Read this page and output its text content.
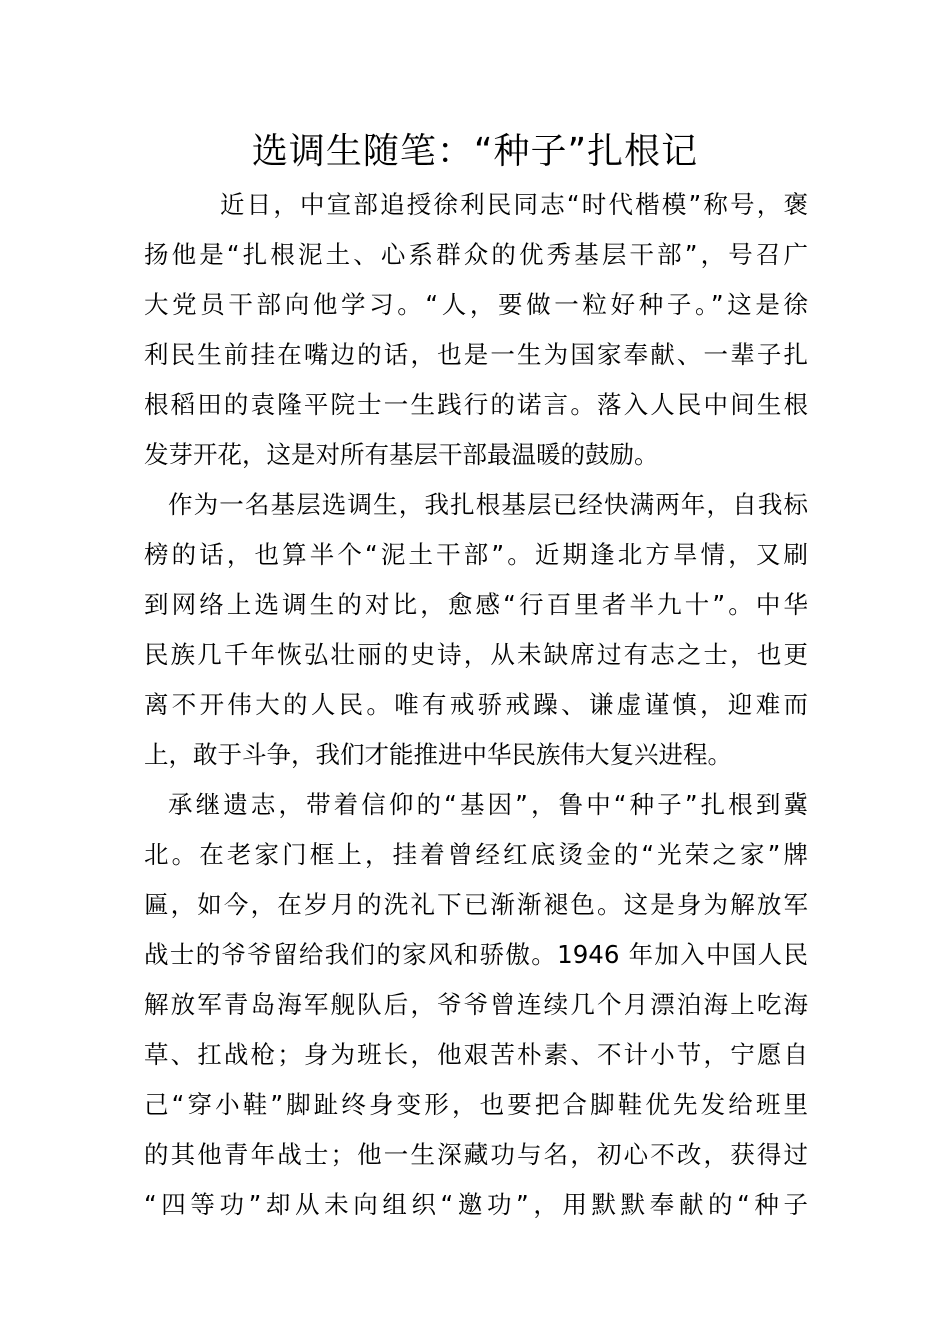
选调生随笔：“种子”扎根记
近日，中宣部追授徐利民同志“时代楷模”称号，褒
扬他是“扎根泥土、心系群众的优秀基层干部”，号召广
大党员干部向他学习。“人，要做一粒好种子。”这是徐
利民生前挂在嘴边的话，也是一生为国家奉献、一辈子扎
根稻田的袁隆平院士一生践行的诺言。落入人民中间生根
发芽开花，这是对所有基层干部最温暖的鼓励。
作为一名基层选调生，我扎根基层已经快满两年，自我标
榜的话，也算半个“泥土干部”。近期逢北方旱情，又刷
到网络上选调生的对比，愈感“行百里者半九十”。中华
民族几千年恢弘壮丽的史诗，从未缺席过有志之士，也更
离不开伟大的人民。唯有戒骄戒躁、谦虚谨慎，迎难而
上，敢于斗争，我们才能推进中华民族伟大复兴进程。
承继遗志，带着信仰的“基因”，鲁中“种子”扎根到冀
北。在老家门框上，挂着曾经红底烫金的“光荣之家”牌
匾，如今，在岁月的洗礼下已渐渐褪色。这是身为解放军
战士的爷爷留给我们的家风和骄傲。1946 年加入中国人民
解放军青岛海军舰队后，爷爷曾连续几个月漂泊海上吃海
草、扛战枪；身为班长，他艰苦朴素、不计小节，宁愿自
己“穿小鞋”脚趾终身变形，也要把合脚鞋优先发给班里
的其他青年战士；他一生深藏功与名，初心不改，获得过
“四等功”却从未向组织“邀功”，用默默奉献的“种子
